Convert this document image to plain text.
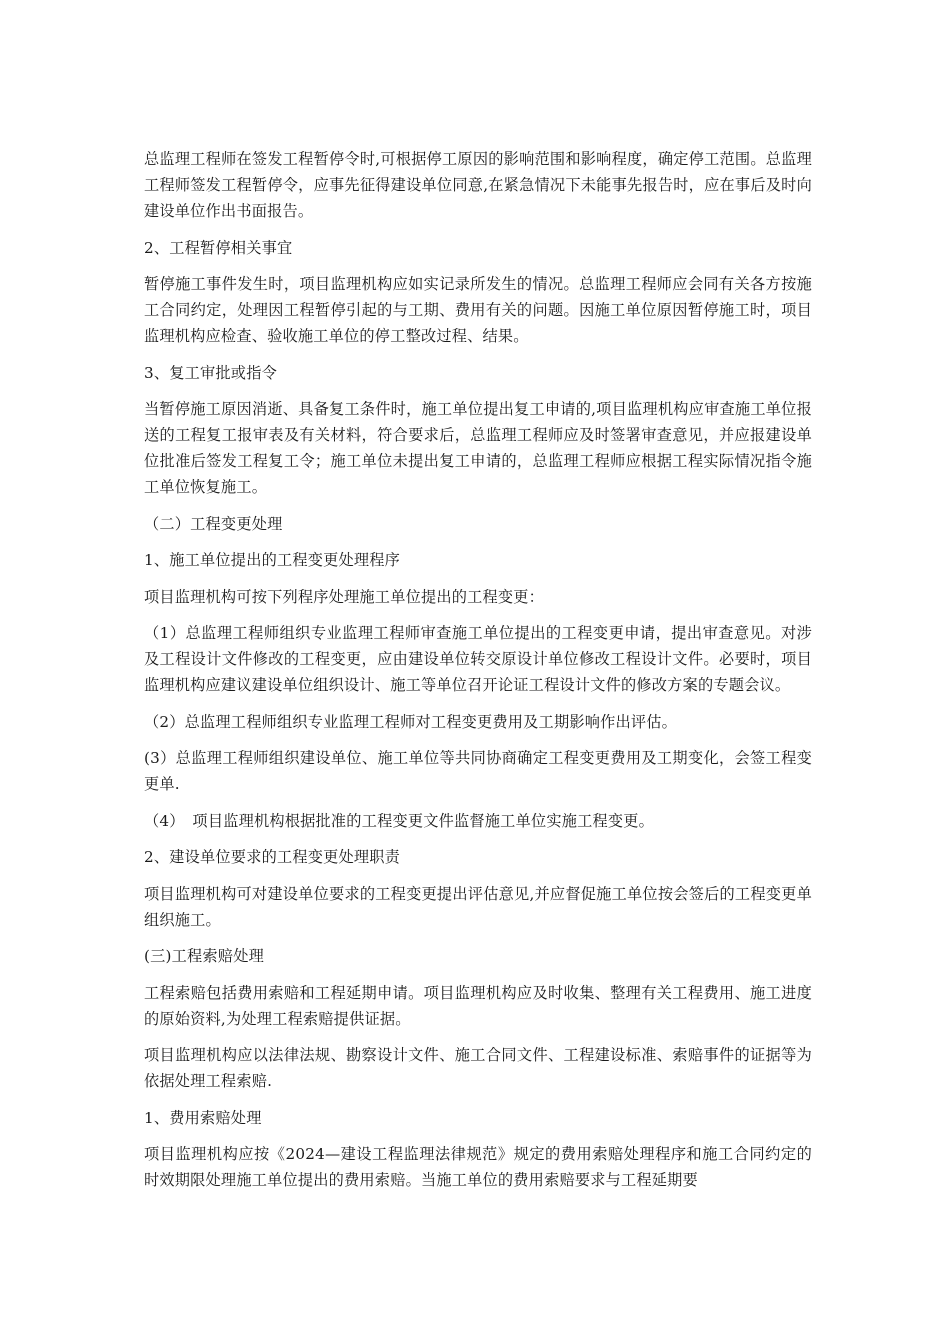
总监理工程师在签发工程暂停令时,可根据停工原因的影响范围和影响程度，确定停工范围。总监理工程师签发工程暂停令，应事先征得建设单位同意,在紧急情况下未能事先报告时，应在事后及时向建设单位作出书面报告。

2、工程暂停相关事宜

暂停施工事件发生时，项目监理机构应如实记录所发生的情况。总监理工程师应会同有关各方按施工合同约定，处理因工程暂停引起的与工期、费用有关的问题。因施工单位原因暂停施工时，项目监理机构应检查、验收施工单位的停工整改过程、结果。

3、复工审批或指令

当暂停施工原因消逝、具备复工条件时，施工单位提出复工申请的,项目监理机构应审查施工单位报送的工程复工报审表及有关材料，符合要求后，总监理工程师应及时签署审查意见，并应报建设单位批准后签发工程复工令；施工单位未提出复工申请的，总监理工程师应根据工程实际情况指令施工单位恢复施工。

（二）工程变更处理

1、施工单位提出的工程变更处理程序

项目监理机构可按下列程序处理施工单位提出的工程变更：

（1）总监理工程师组织专业监理工程师审查施工单位提出的工程变更申请，提出审查意见。对涉及工程设计文件修改的工程变更，应由建设单位转交原设计单位修改工程设计文件。必要时，项目监理机构应建议建设单位组织设计、施工等单位召开论证工程设计文件的修改方案的专题会议。

（2）总监理工程师组织专业监理工程师对工程变更费用及工期影响作出评估。

(3）总监理工程师组织建设单位、施工单位等共同协商确定工程变更费用及工期变化，会签工程变更单.

（4）　项目监理机构根据批准的工程变更文件监督施工单位实施工程变更。

2、建设单位要求的工程变更处理职责

项目监理机构可对建设单位要求的工程变更提出评估意见,并应督促施工单位按会签后的工程变更单组织施工。

(三)工程索赔处理

工程索赔包括费用索赔和工程延期申请。项目监理机构应及时收集、整理有关工程费用、施工进度的原始资料,为处理工程索赔提供证据。

项目监理机构应以法律法规、勘察设计文件、施工合同文件、工程建设标准、索赔事件的证据等为依据处理工程索赔.

1、费用索赔处理

项目监理机构应按《2024—建设工程监理法律规范》规定的费用索赔处理程序和施工合同约定的时效期限处理施工单位提出的费用索赔。当施工单位的费用索赔要求与工程延期要
